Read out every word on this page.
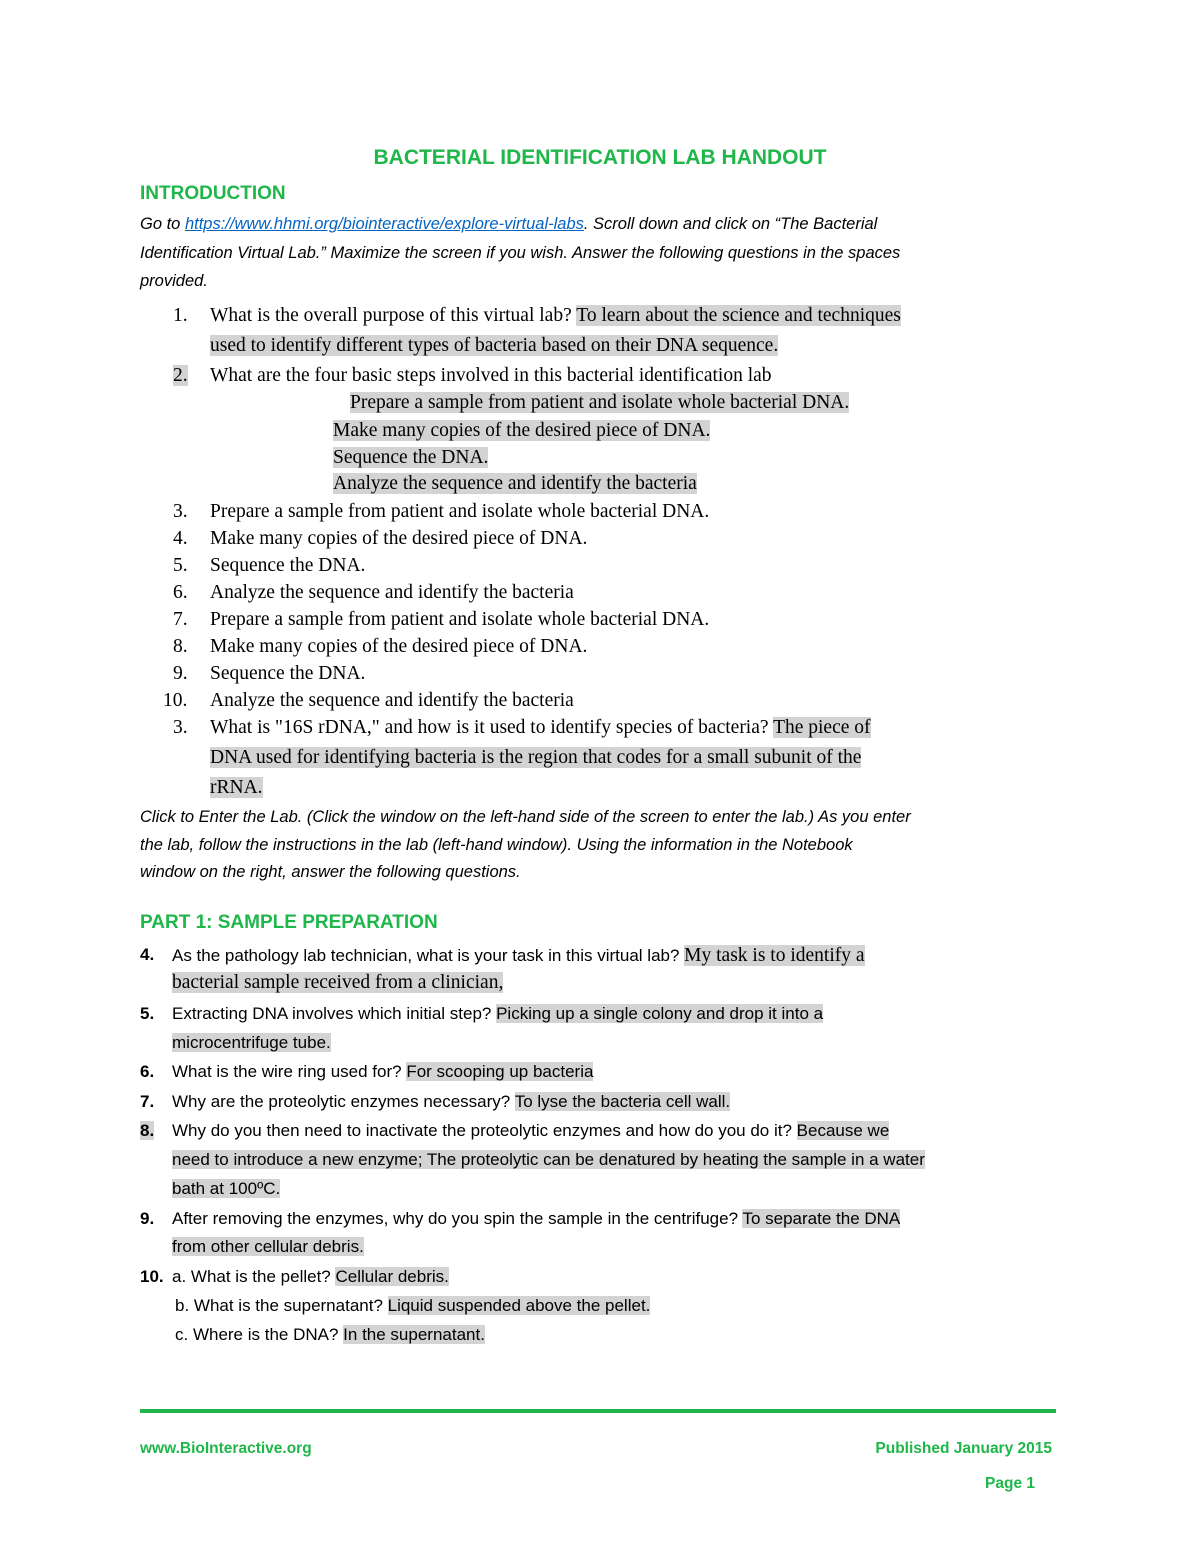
BACTERIAL IDENTIFICATION LAB HANDOUT
INTRODUCTION
Go to https://www.hhmi.org/biointeractive/explore-virtual-labs. Scroll down and click on “The Bacterial
Identification Virtual Lab.” Maximize the screen if you wish. Answer the following questions in the spaces
provided.
1. What is the overall purpose of this virtual lab? To learn about the science and techniques
used to identify different types of bacteria based on their DNA sequence.
2. What are the four basic steps involved in this bacterial identification lab
Prepare a sample from patient and isolate whole bacterial DNA.
Make many copies of the desired piece of DNA.
Sequence the DNA.
Analyze the sequence and identify the bacteria
3. Prepare a sample from patient and isolate whole bacterial DNA.
4. Make many copies of the desired piece of DNA.
5. Sequence the DNA.
6. Analyze the sequence and identify the bacteria
7. Prepare a sample from patient and isolate whole bacterial DNA.
8. Make many copies of the desired piece of DNA.
9. Sequence the DNA.
10. Analyze the sequence and identify the bacteria
3. What is "16S rDNA," and how is it used to identify species of bacteria? The piece of
DNA used for identifying bacteria is the region that codes for a small subunit of the
rRNA.
Click to Enter the Lab. (Click the window on the left-hand side of the screen to enter the lab.) As you enter
the lab, follow the instructions in the lab (left-hand window). Using the information in the Notebook
window on the right, answer the following questions.
PART 1: SAMPLE PREPARATION
4. As the pathology lab technician, what is your task in this virtual lab? My task is to identify a
bacterial sample received from a clinician,
5. Extracting DNA involves which initial step? Picking up a single colony and drop it into a
microcentrifuge tube.
6. What is the wire ring used for? For scooping up bacteria
7. Why are the proteolytic enzymes necessary? To lyse the bacteria cell wall.
8. Why do you then need to inactivate the proteolytic enzymes and how do you do it? Because we
need to introduce a new enzyme; The proteolytic can be denatured by heating the sample in a water
bath at 100ºC.
9. After removing the enzymes, why do you spin the sample in the centrifuge? To separate the DNA
from other cellular debris.
10. a. What is the pellet? Cellular debris.
b. What is the supernatant? Liquid suspended above the pellet.
c. Where is the DNA? In the supernatant.
www.BioInteractive.org	Published January 2015
Page 1
